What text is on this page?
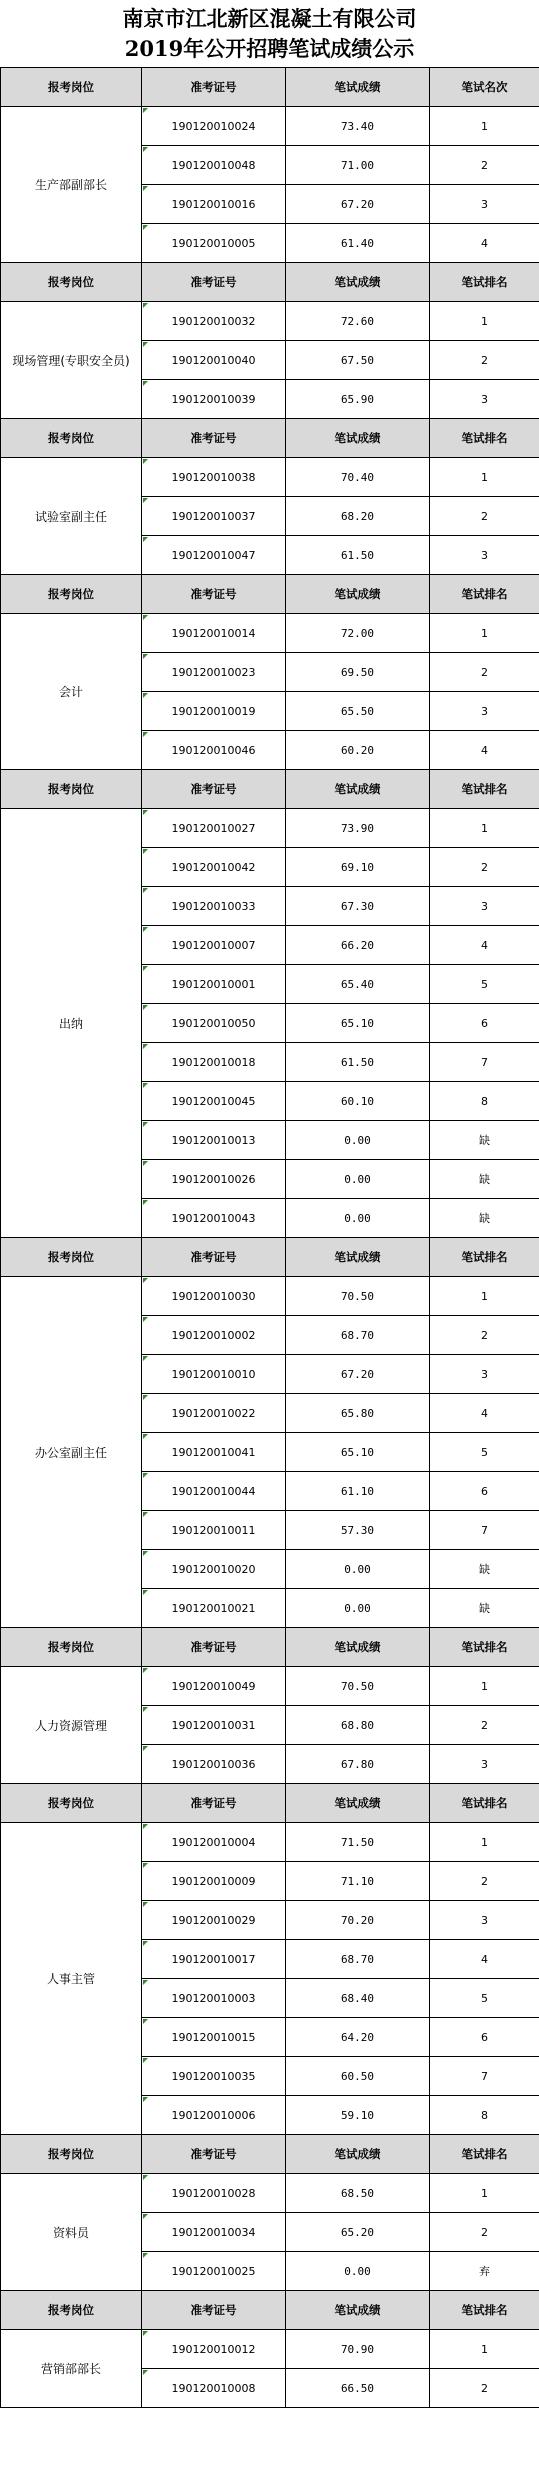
南京市江北新区混凝土有限公司
2019年公开招聘笔试成绩公示
报考岗位	准考证号	笔试成绩	笔试名次
生产部副部长	190120010024	73.40	1
	190120010048	71.00	2
	190120010016	67.20	3
	190120010005	61.40	4
报考岗位	准考证号	笔试成绩	笔试排名
现场管理(专职安全员)	190120010032	72.60	1
	190120010040	67.50	2
	190120010039	65.90	3
报考岗位	准考证号	笔试成绩	笔试排名
试验室副主任	190120010038	70.40	1
	190120010037	68.20	2
	190120010047	61.50	3
报考岗位	准考证号	笔试成绩	笔试排名
会计	190120010014	72.00	1
	190120010023	69.50	2
	190120010019	65.50	3
	190120010046	60.20	4
报考岗位	准考证号	笔试成绩	笔试排名
出纳	190120010027	73.90	1
	190120010042	69.10	2
	190120010033	67.30	3
	190120010007	66.20	4
	190120010001	65.40	5
	190120010050	65.10	6
	190120010018	61.50	7
	190120010045	60.10	8
	190120010013	0.00	缺
	190120010026	0.00	缺
	190120010043	0.00	缺
报考岗位	准考证号	笔试成绩	笔试排名
办公室副主任	190120010030	70.50	1
	190120010002	68.70	2
	190120010010	67.20	3
	190120010022	65.80	4
	190120010041	65.10	5
	190120010044	61.10	6
	190120010011	57.30	7
	190120010020	0.00	缺
	190120010021	0.00	缺
报考岗位	准考证号	笔试成绩	笔试排名
人力资源管理	190120010049	70.50	1
	190120010031	68.80	2
	190120010036	67.80	3
报考岗位	准考证号	笔试成绩	笔试排名
人事主管	190120010004	71.50	1
	190120010009	71.10	2
	190120010029	70.20	3
	190120010017	68.70	4
	190120010003	68.40	5
	190120010015	64.20	6
	190120010035	60.50	7
	190120010006	59.10	8
报考岗位	准考证号	笔试成绩	笔试排名
资料员	190120010028	68.50	1
	190120010034	65.20	2
	190120010025	0.00	弃
报考岗位	准考证号	笔试成绩	笔试排名
营销部部长	190120010012	70.90	1
	190120010008	66.50	2
